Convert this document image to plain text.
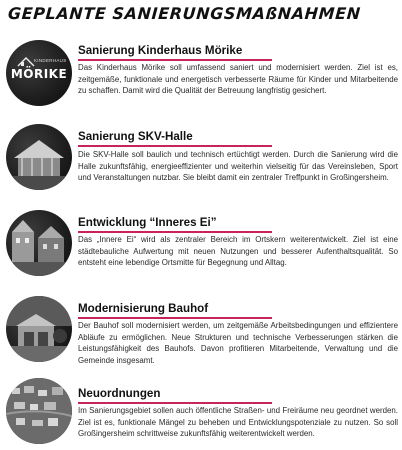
GEPLANTE SANIERUNGSMAßNAHMEN
KINDERHAUS
MÖRIKE
Sanierung Kinderhaus Mörike
Das Kinderhaus Mörike soll umfassend saniert und modernisiert werden. Ziel ist es, zeitgemäße, funktionale und energetisch verbesserte Räume für Kinder und Mitarbeitende zu schaffen. Damit wird die Qualität der Betreuung langfristig gesichert.
Sanierung SKV-Halle
Die SKV-Halle soll baulich und technisch ertüchtigt werden. Durch die Sanierung wird die Halle zukunftsfähig, energieeffizienter und weiterhin vielseitig für das Vereinsleben, Sport und Veranstaltungen nutzbar. Sie bleibt damit ein zentraler Treffpunkt in Großingersheim.
Entwicklung “Inneres Ei”
Das „Innere Ei“ wird als zentraler Bereich im Ortskern weiterentwickelt. Ziel ist eine städtebauliche Aufwertung mit neuen Nutzungen und besserer Aufenthaltsqualität. So entsteht eine lebendige Ortsmitte für Begegnung und Alltag.
Modernisierung Bauhof
Der Bauhof soll modernisiert werden, um zeitgemäße Arbeitsbedingungen und effizientere Abläufe zu ermöglichen. Neue Strukturen und technische Verbesserungen stärken die Leistungsfähigkeit des Bauhofs. Davon profitieren Mitarbeitende, Verwaltung und die Gemeinde insgesamt.
Neuordnungen
Im Sanierungsgebiet sollen auch öffentliche Straßen- und Freiräume neu geordnet werden. Ziel ist es, funktionale Mängel zu beheben und Entwicklungspotenziale zu nutzen. So soll Großingersheim schrittweise zukunftsfähig weiterentwickelt werden.
